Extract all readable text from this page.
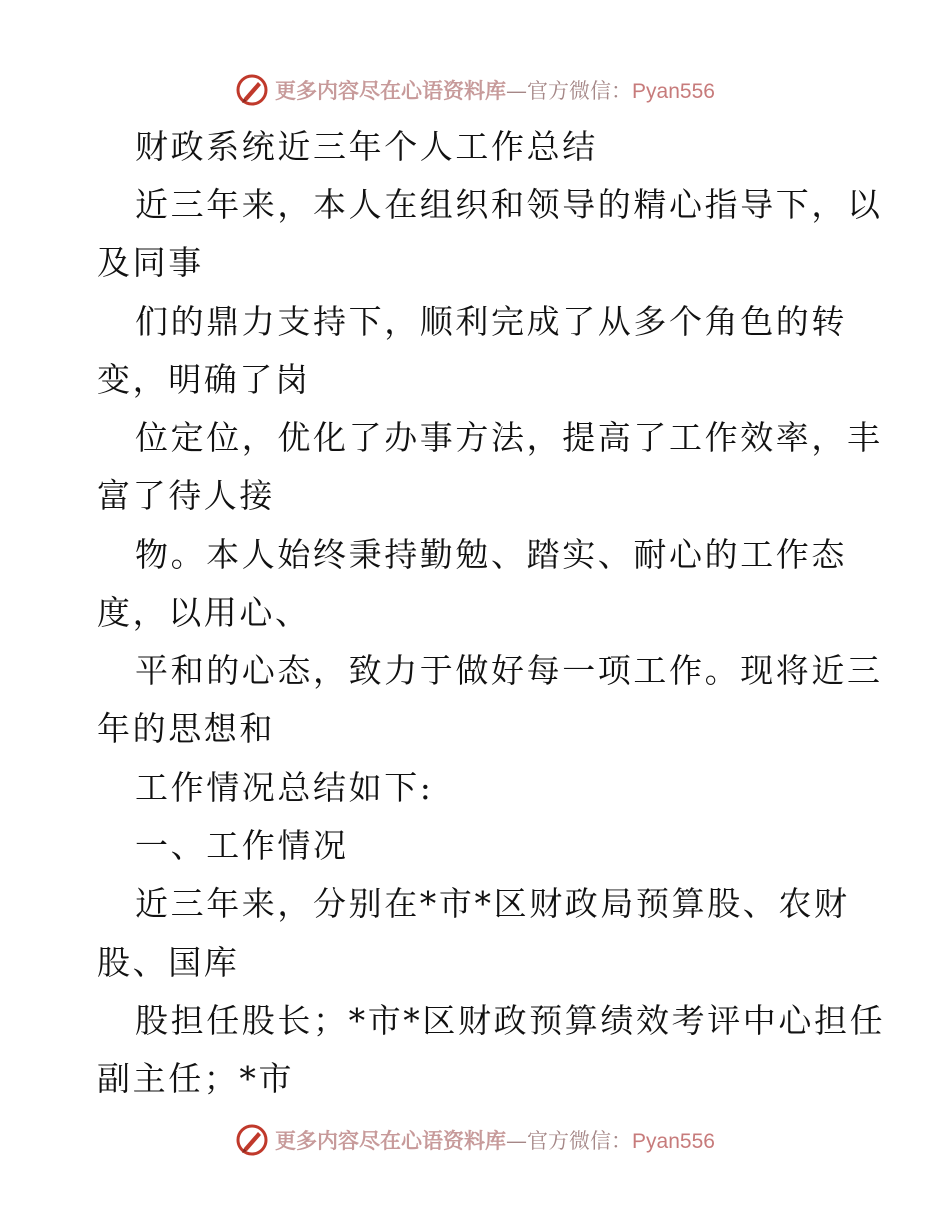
更多内容尽在心语资料库—官方微信：Pyan556
财政系统近三年个人工作总结
近三年来，本人在组织和领导的精心指导下，以
及同事
们的鼎力支持下，顺利完成了从多个角色的转
变，明确了岗
位定位，优化了办事方法，提高了工作效率，丰
富了待人接
物。本人始终秉持勤勉、踏实、耐心的工作态
度，以用心、
平和的心态，致力于做好每一项工作。现将近三
年的思想和
工作情况总结如下:
一、工作情况
近三年来，分别在*市*区财政局预算股、农财
股、国库
股担任股长；*市*区财政预算绩效考评中心担任
副主任；*市
更多内容尽在心语资料库—官方微信：Pyan556
